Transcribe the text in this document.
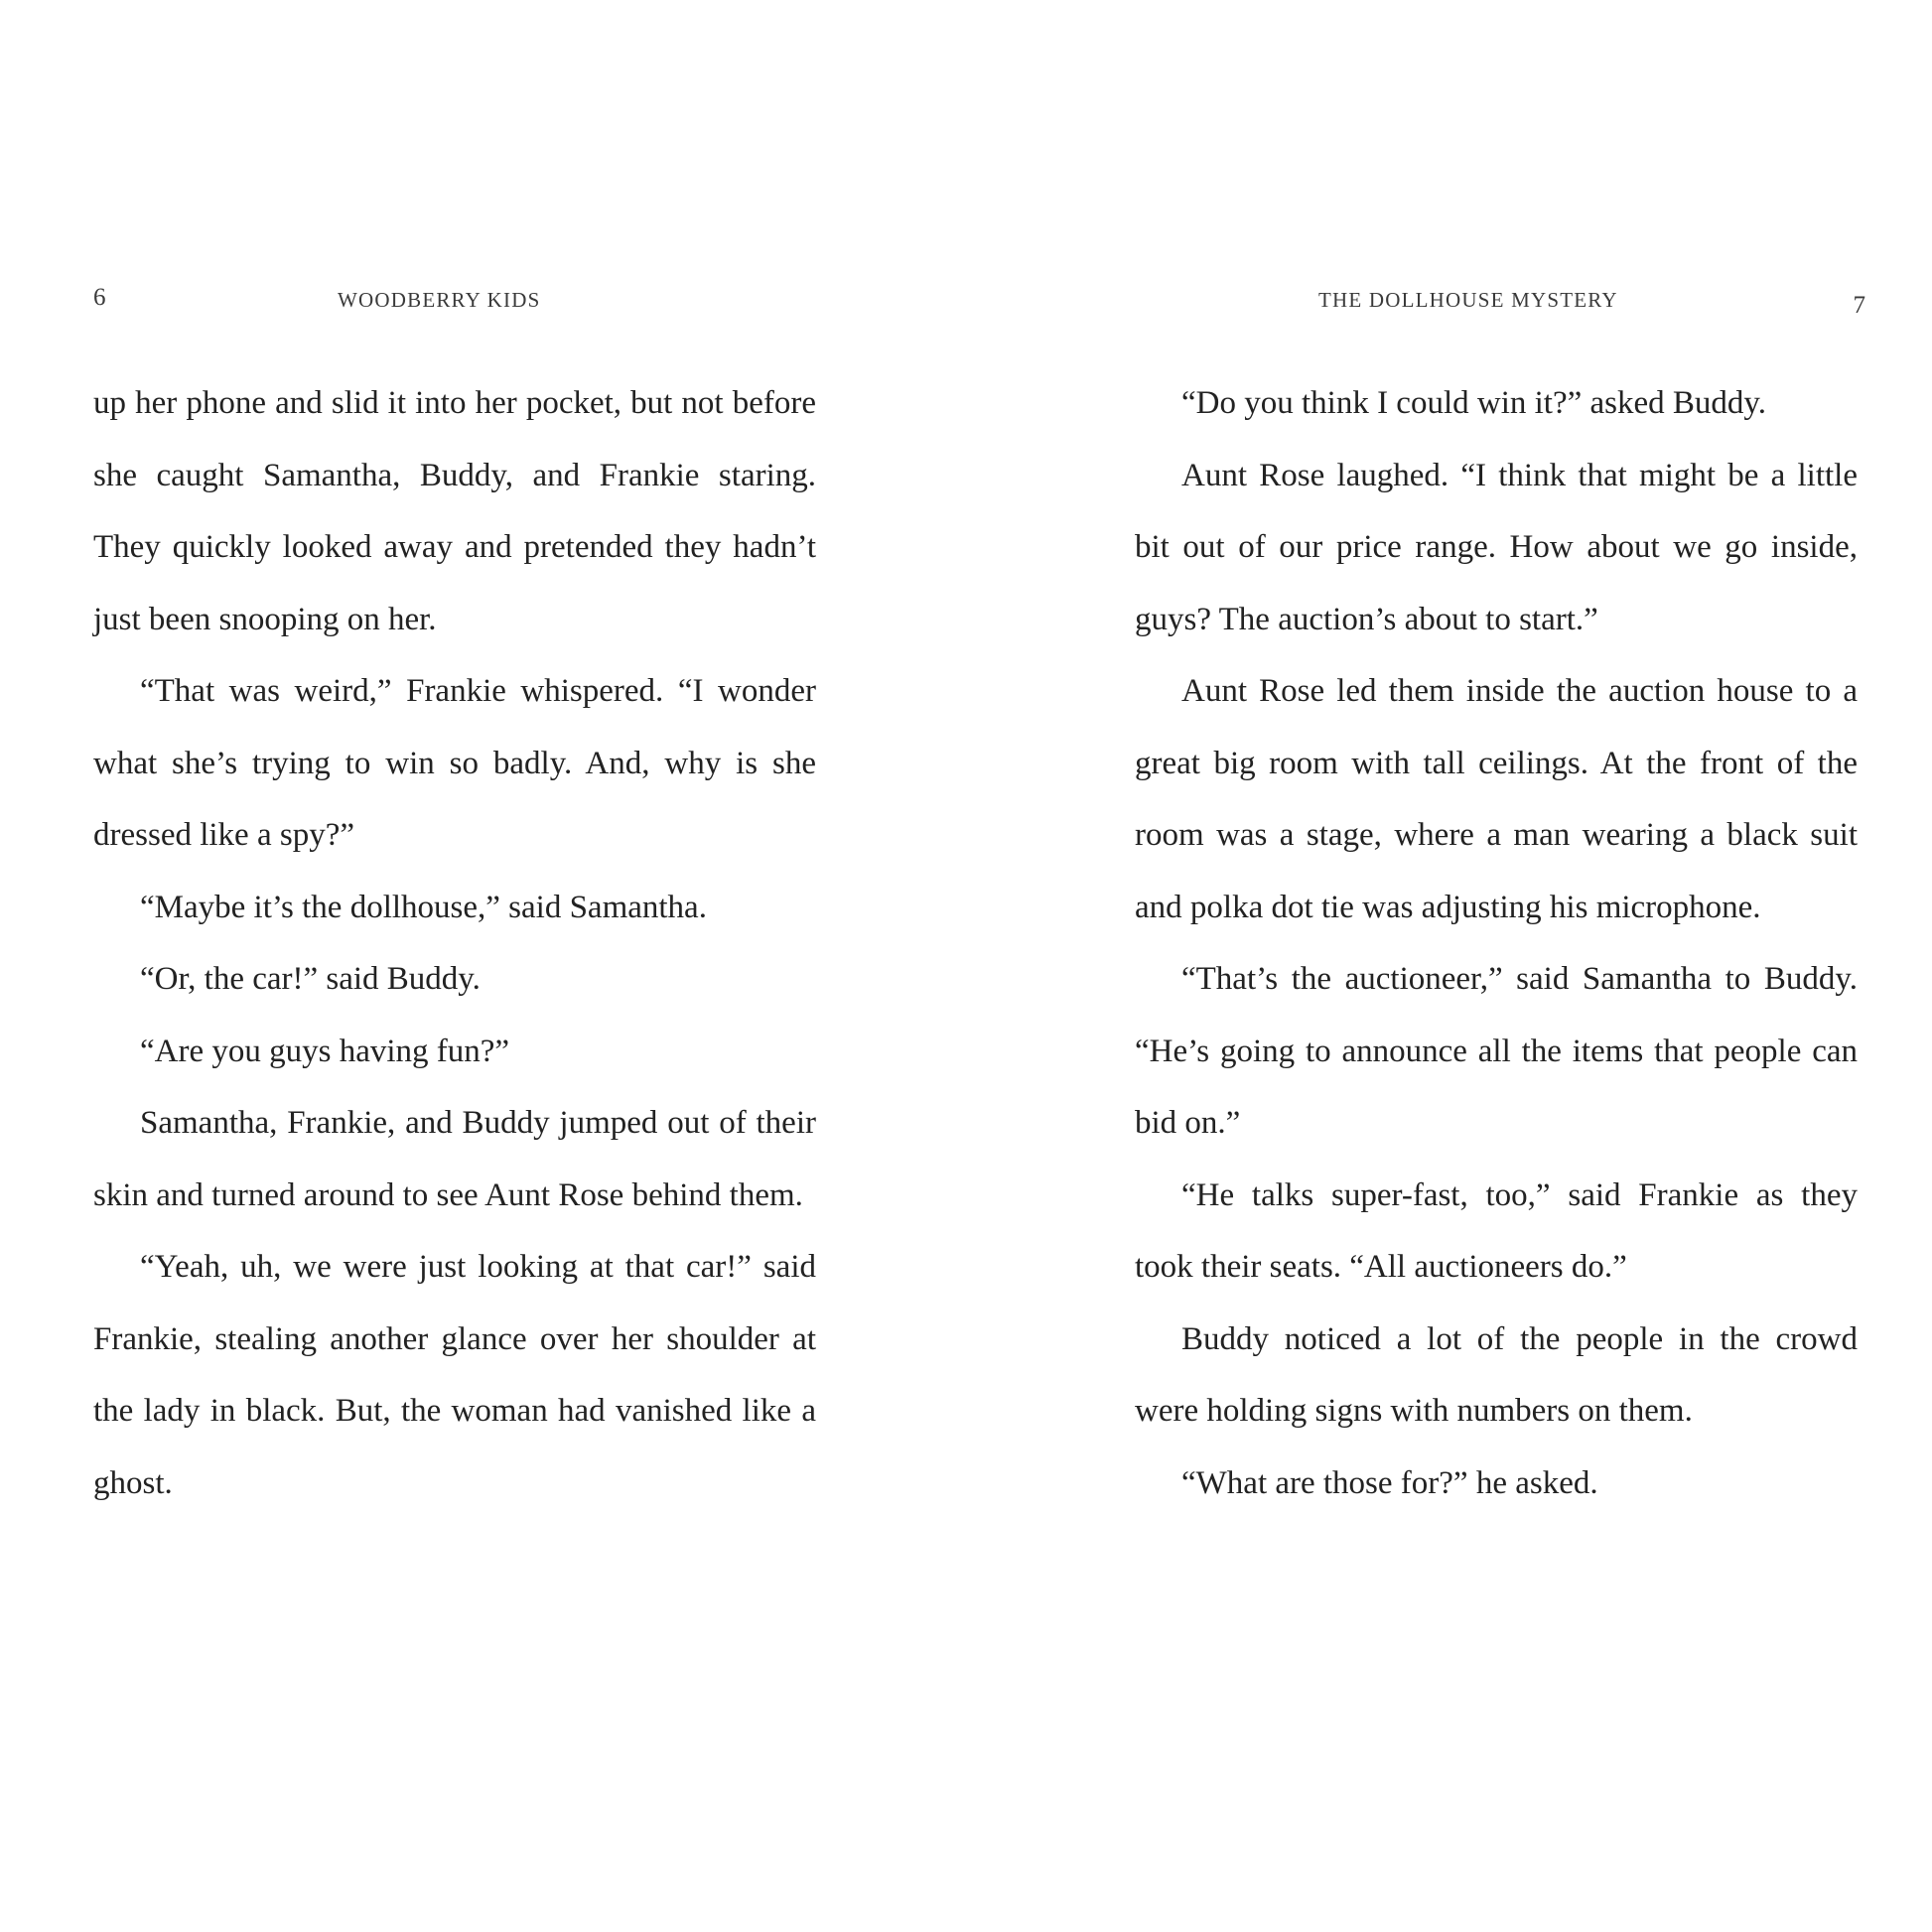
6	WOODBERRY KIDS

up her phone and slid it into her pocket, but not before she caught Samantha, Buddy, and Frankie staring. They quickly looked away and pretended they hadn’t just been snooping on her.

“That was weird,” Frankie whispered. “I wonder what she’s trying to win so badly. And, why is she dressed like a spy?”

“Maybe it’s the dollhouse,” said Samantha.

“Or, the car!” said Buddy.

“Are you guys having fun?”

Samantha, Frankie, and Buddy jumped out of their skin and turned around to see Aunt Rose behind them.

“Yeah, uh, we were just looking at that car!” said Frankie, stealing another glance over her shoulder at the lady in black. But, the woman had vanished like a ghost.

THE DOLLHOUSE MYSTERY	7

“Do you think I could win it?” asked Buddy.

Aunt Rose laughed. “I think that might be a little bit out of our price range. How about we go inside, guys? The auction’s about to start.”

Aunt Rose led them inside the auction house to a great big room with tall ceilings. At the front of the room was a stage, where a man wearing a black suit and polka dot tie was adjusting his microphone.

“That’s the auctioneer,” said Samantha to Buddy. “He’s going to announce all the items that people can bid on.”

“He talks super-fast, too,” said Frankie as they took their seats. “All auctioneers do.”

Buddy noticed a lot of the people in the crowd were holding signs with numbers on them.

“What are those for?” he asked.
